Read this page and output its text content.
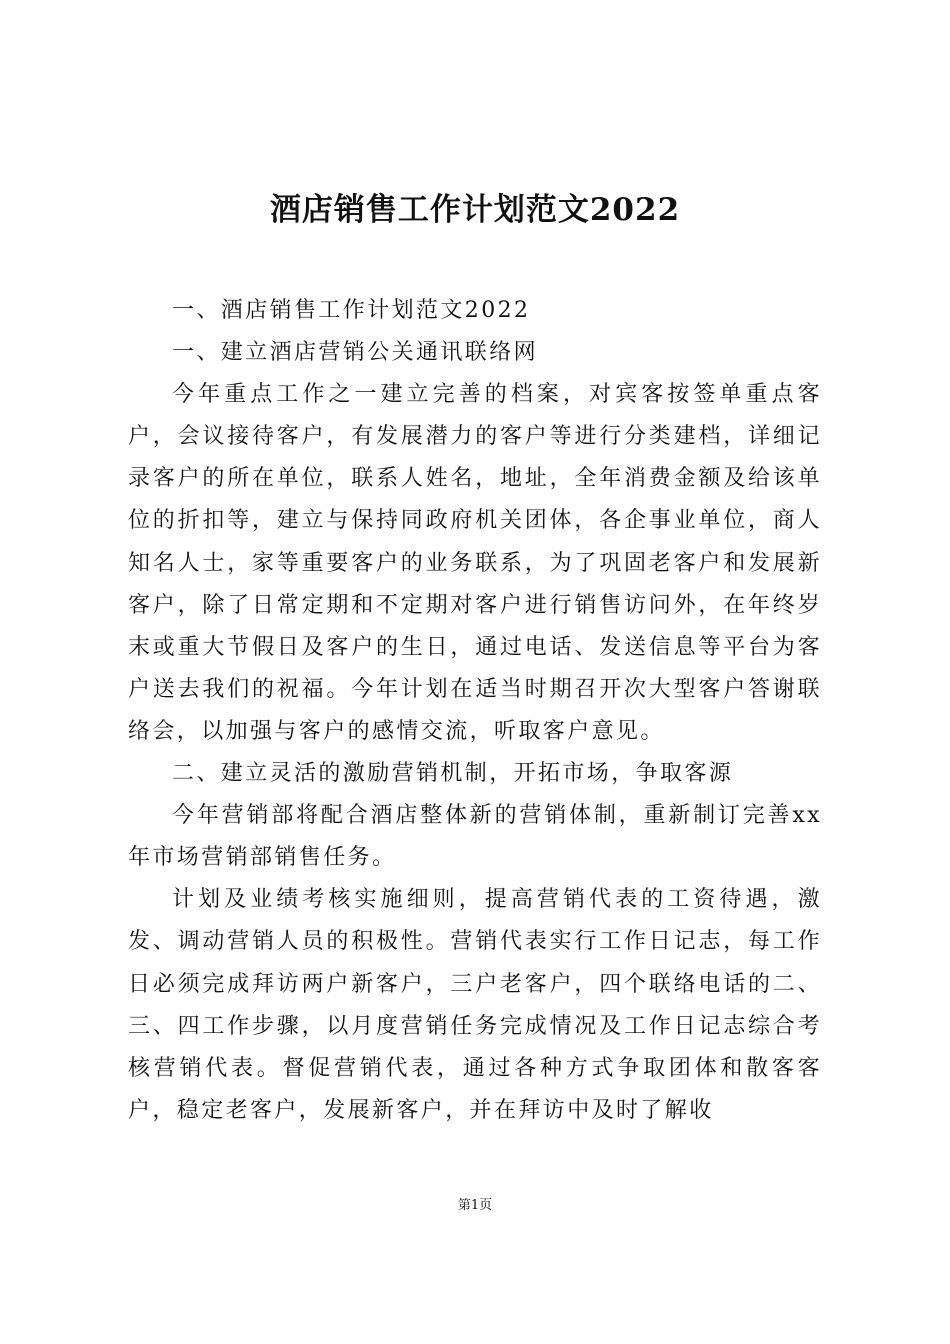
酒店销售工作计划范文2022

一、酒店销售工作计划范文2022

一、建立酒店营销公关通讯联络网

今年重点工作之一建立完善的档案，对宾客按签单重点客户，会议接待客户，有发展潜力的客户等进行分类建档，详细记录客户的所在单位，联系人姓名，地址，全年消费金额及给该单位的折扣等，建立与保持同政府机关团体，各企事业单位，商人知名人士，家等重要客户的业务联系，为了巩固老客户和发展新客户，除了日常定期和不定期对客户进行销售访问外，在年终岁末或重大节假日及客户的生日，通过电话、发送信息等平台为客户送去我们的祝福。今年计划在适当时期召开次大型客户答谢联络会，以加强与客户的感情交流，听取客户意见。

二、建立灵活的激励营销机制，开拓市场，争取客源

今年营销部将配合酒店整体新的营销体制，重新制订完善xx年市场营销部销售任务。

计划及业绩考核实施细则，提高营销代表的工资待遇，激发、调动营销人员的积极性。营销代表实行工作日记志，每工作日必须完成拜访两户新客户，三户老客户，四个联络电话的二、三、四工作步骤，以月度营销任务完成情况及工作日记志综合考核营销代表。督促营销代表，通过各种方式争取团体和散客客户，稳定老客户，发展新客户，并在拜访中及时了解收

第1页
